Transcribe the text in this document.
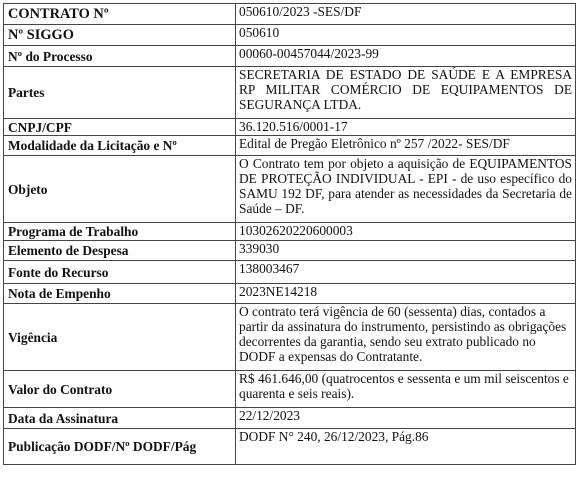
CONTRATO Nº	050610/2023 -SES/DF
Nº SIGGO	050610
Nº do Processo	00060-00457044/2023-99
Partes	SECRETARIA DE ESTADO DE SAÚDE E A EMPRESA RP MILITAR COMÉRCIO DE EQUIPAMENTOS DE SEGURANÇA LTDA.
CNPJ/CPF	36.120.516/0001-17
Modalidade da Licitação e Nº	Edital de Pregão Eletrônico nº 257 /2022- SES/DF
Objeto	O Contrato tem por objeto a aquisição de EQUIPAMENTOS DE PROTEÇÃO INDIVIDUAL - EPI - de uso específico do SAMU 192 DF, para atender as necessidades da Secretaria de Saúde – DF.
Programa de Trabalho	10302620220600003
Elemento de Despesa	339030
Fonte do Recurso	138003467
Nota de Empenho	2023NE14218
Vigência	O contrato terá vigência de 60 (sessenta) dias, contados a partir da assinatura do instrumento, persistindo as obrigações decorrentes da garantia, sendo seu extrato publicado no DODF a expensas do Contratante.
Valor do Contrato	R$ 461.646,00 (quatrocentos e sessenta e um mil seiscentos e quarenta e seis reais).
Data da Assinatura	22/12/2023
Publicação DODF/Nº DODF/Pág	DODF N° 240, 26/12/2023, Pág.86
